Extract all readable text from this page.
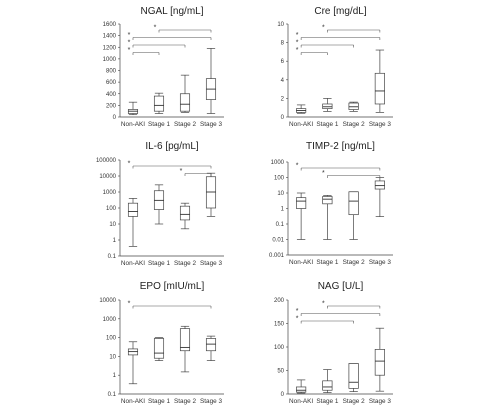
NGAL [ng/mL]
0
200
400
600
800
1000
1200
1400
1600
Non-AKI Stage 1 Stage 2 Stage 3
*
*
*
*
Cre [mg/dL]
0
2
4
6
8
10
Non-AKI Stage 1 Stage 2 Stage 3
*
*
*
*
IL-6 [pg/mL]
0.1
1
10
100
1000
10000
100000
Non-AKI Stage 1 Stage 2 Stage 3
*
*
TIMP-2 [ng/mL]
0.001
0.01
0.1
1
10
100
1000
Non-AKI Stage 1 Stage 2 Stage 3
*
*
EPO [mIU/mL]
0.1
1
10
100
1000
10000
Non-AKI Stage 1 Stage 2 Stage 3
*
NAG [U/L]
0
50
100
150
200
Non-AKI Stage 1 Stage 2 Stage 3
*
*
*
